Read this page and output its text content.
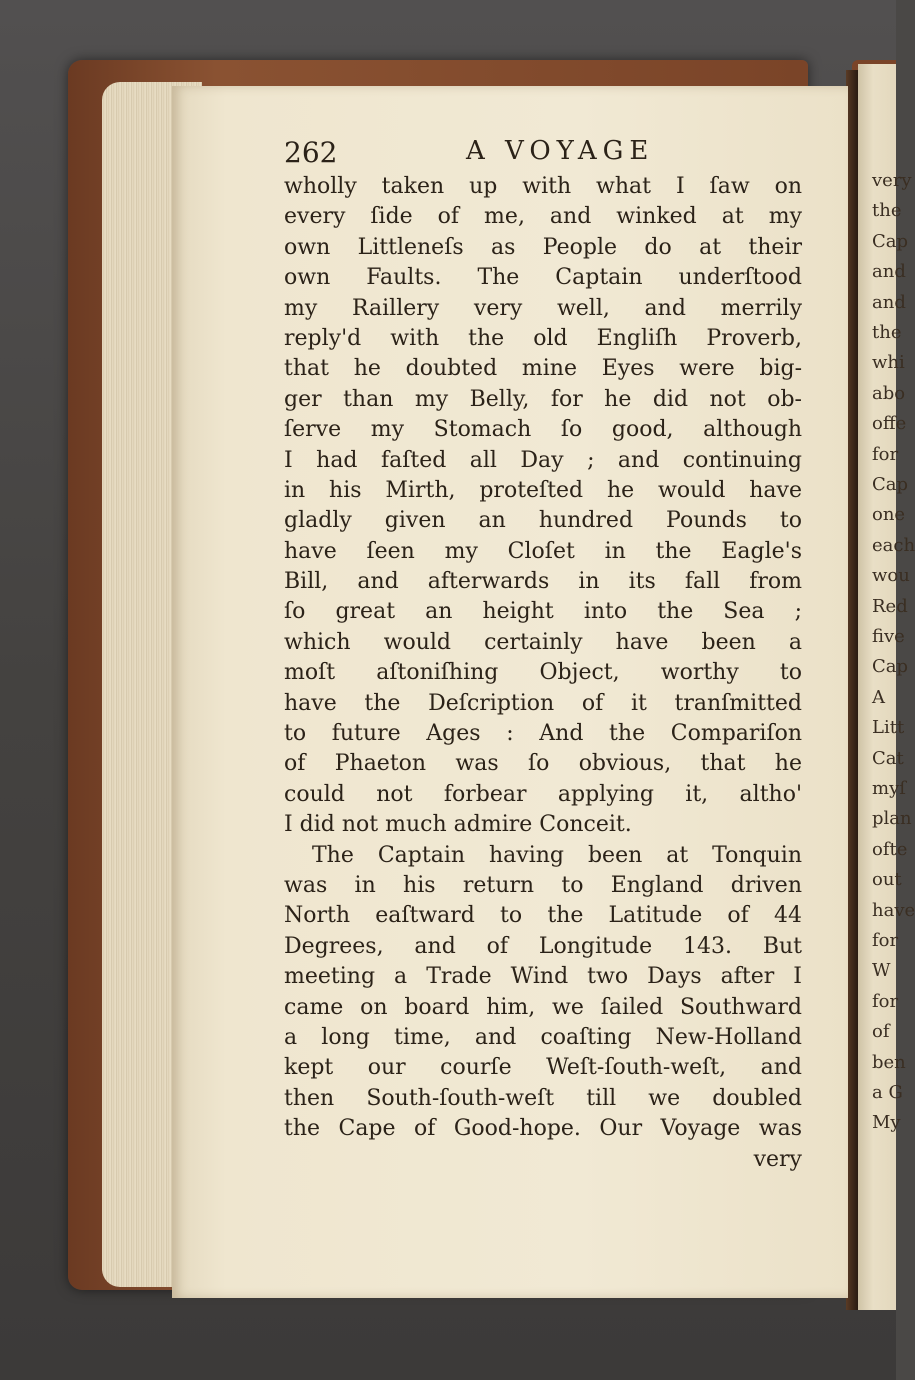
very
the
Cap
and
and
the
whi
abo
offe
for
Cap
one
each
wou
Red
five
Cap
A
Litt
Cat
myſ
plan
ofte
out
have
for
W
for
of
ben
a G
My
262	A VOYAGE
wholly taken up with what I ſaw on
every ſide of me, and winked at my
own Littleneſs as People do at their
own Faults. The Captain underſtood
my Raillery very well, and merrily
reply'd with the old Engliſh Proverb,
that he doubted mine Eyes were big-
ger than my Belly, for he did not ob-
ſerve my Stomach ſo good, although
I had faſted all Day ; and continuing
in his Mirth, proteſted he would have
gladly given an hundred Pounds to
have ſeen my Cloſet in the Eagle's
Bill, and afterwards in its fall from
ſo great an height into the Sea ;
which would certainly have been a
moſt aſtoniſhing Object, worthy to
have the Deſcription of it tranſmitted
to future Ages : And the Compariſon
of Phaeton was ſo obvious, that he
could not forbear applying it, altho'
I did not much admire Conceit.
The Captain having been at Tonquin
was in his return to England driven
North eaſtward to the Latitude of 44
Degrees, and of Longitude 143. But
meeting a Trade Wind two Days after I
came on board him, we ſailed Southward
a long time, and coaſting New-Holland
kept our courſe Weſt-ſouth-weſt, and
then South-ſouth-weſt till we doubled
the Cape of Good-hope. Our Voyage was
very
